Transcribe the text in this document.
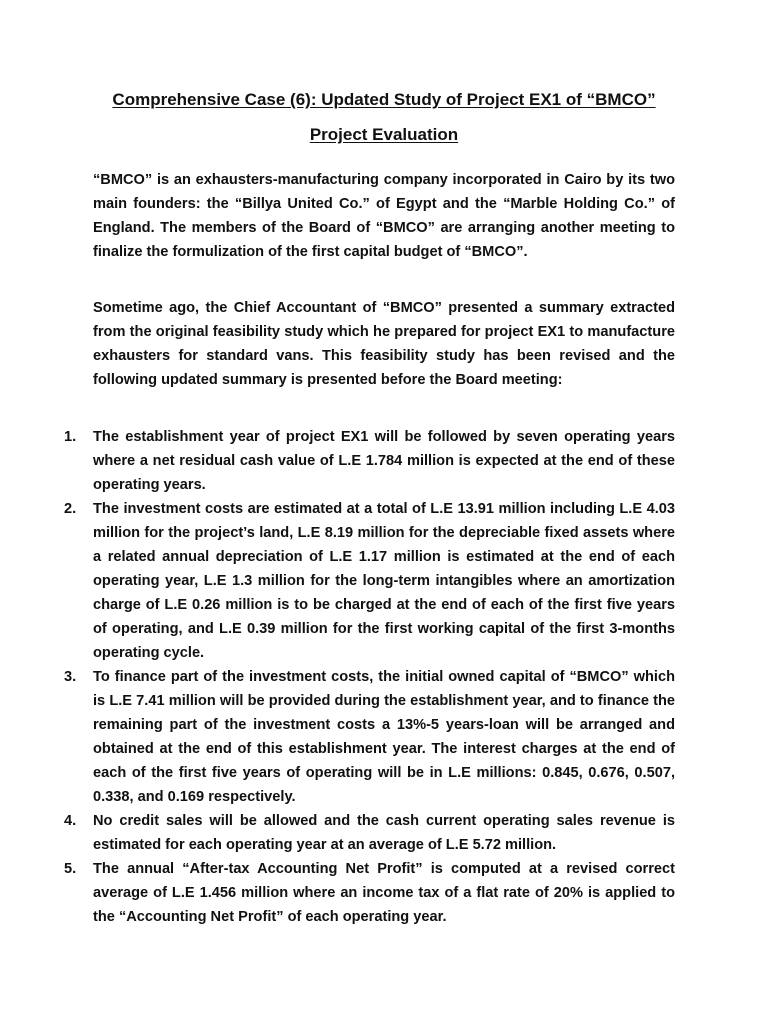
Comprehensive Case (6): Updated Study of Project EX1 of “BMCO”
Project Evaluation

“BMCO” is an exhausters-manufacturing company incorporated in Cairo by its two main founders: the “Billya United Co.” of Egypt and the “Marble Holding Co.” of England. The members of the Board of “BMCO” are arranging another meeting to finalize the formulization of the first capital budget of “BMCO”.

Sometime ago, the Chief Accountant of “BMCO” presented a summary extracted from the original feasibility study which he prepared for project EX1 to manufacture exhausters for standard vans. This feasibility study has been revised and the following updated summary is presented before the Board meeting:

1.	The establishment year of project EX1 will be followed by seven operating years where a net residual cash value of L.E 1.784 million is expected at the end of these operating years.
2.	The investment costs are estimated at a total of L.E 13.91 million including L.E 4.03 million for the project’s land, L.E 8.19 million for the depreciable fixed assets where a related annual depreciation of L.E 1.17 million is estimated at the end of each operating year, L.E 1.3 million for the long-term intangibles where an amortization charge of L.E 0.26 million is to be charged at the end of each of the first five years of operating, and L.E 0.39 million for the first working capital of the first 3-months operating cycle.
3.	To finance part of the investment costs, the initial owned capital of “BMCO” which is L.E 7.41 million will be provided during the establishment year, and to finance the remaining part of the investment costs a 13%-5 years-loan will be arranged and obtained at the end of this establishment year. The interest charges at the end of each of the first five years of operating will be in L.E millions: 0.845, 0.676, 0.507, 0.338, and 0.169 respectively.
4.	No credit sales will be allowed and the cash current operating sales revenue is estimated for each operating year at an average of L.E 5.72 million.
5.	The annual “After-tax Accounting Net Profit” is computed at a revised correct average of L.E 1.456 million where an income tax of a flat rate of 20% is applied to the “Accounting Net Profit” of each operating year.
